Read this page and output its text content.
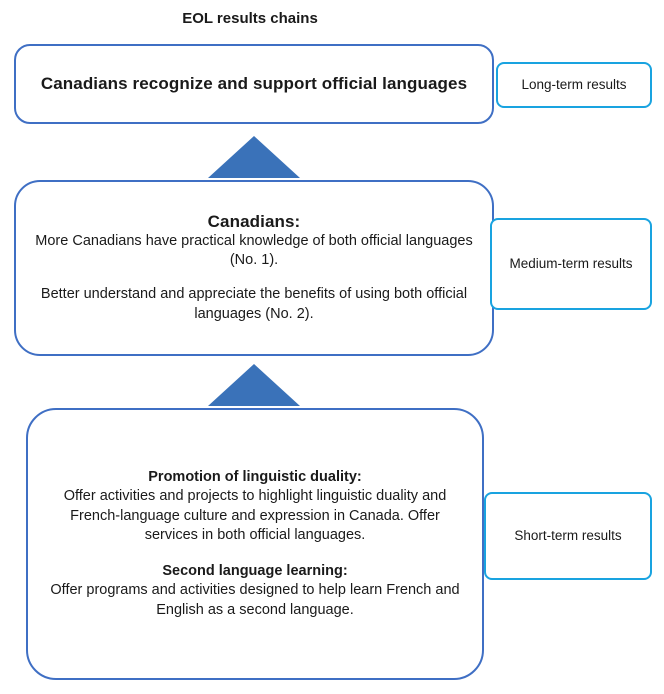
EOL results chains
Canadians recognize and support official languages	Long-term results
Canadians:

More Canadians have practical knowledge of both official languages (No. 1).

Better understand and appreciate the benefits of using both official languages (No. 2).

Medium-term results

Promotion of linguistic duality:

Offer activities and projects to highlight linguistic duality and French-language culture and expression in Canada. Offer services in both official languages.

Second language learning:

Offer programs and activities designed to help learn French and English as a second language.

Short-term results
